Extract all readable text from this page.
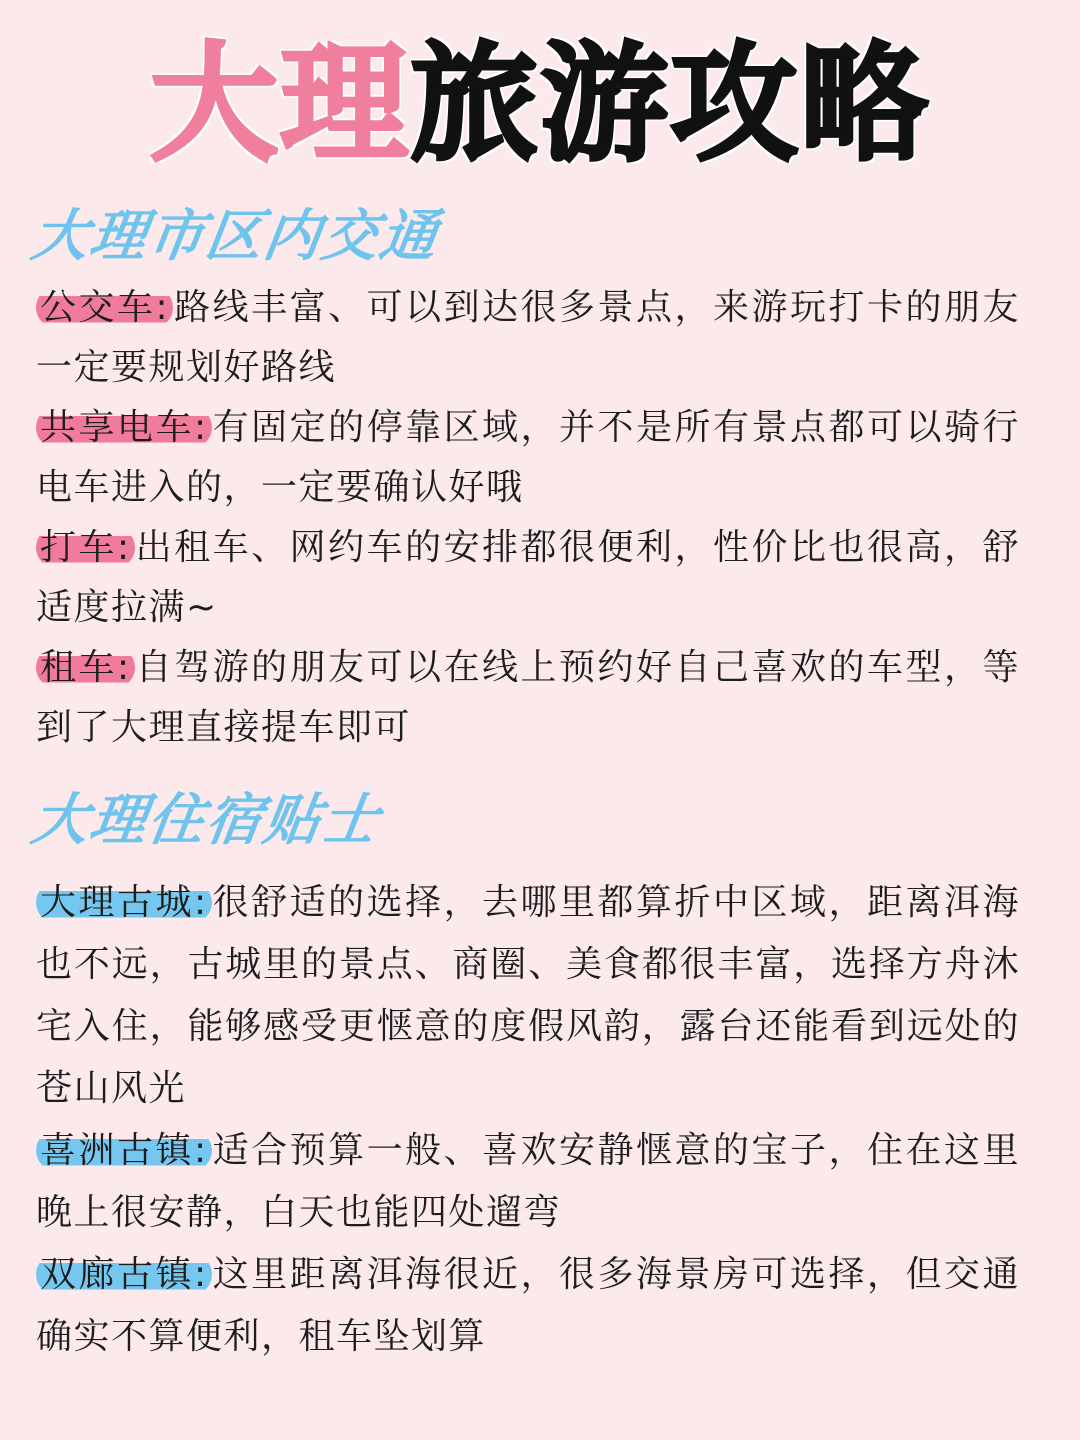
大理旅游攻略
大理市区内交通
公交车: 路线丰富、可以到达很多景点，来游玩打卡的朋友一定要规划好路线
共享电车: 有固定的停靠区域，并不是所有景点都可以骑行电车进入的，一定要确认好哦
打车: 出租车、网约车的安排都很便利，性价比也很高，舒适度拉满~
租车: 自驾游的朋友可以在线上预约好自己喜欢的车型，等到了大理直接提车即可
大理住宿贴士
大理古城: 很舒适的选择，去哪里都算折中区域，距离洱海也不远，古城里的景点、商圈、美食都很丰富，选择方舟沐宅入住，能够感受更惬意的度假风韵，露台还能看到远处的苍山风光
喜洲古镇: 适合预算一般、喜欢安静惬意的宝子，住在这里晚上很安静，白天也能四处遛弯
双廊古镇: 这里距离洱海很近，很多海景房可选择，但交通确实不算便利，租车坠划算
